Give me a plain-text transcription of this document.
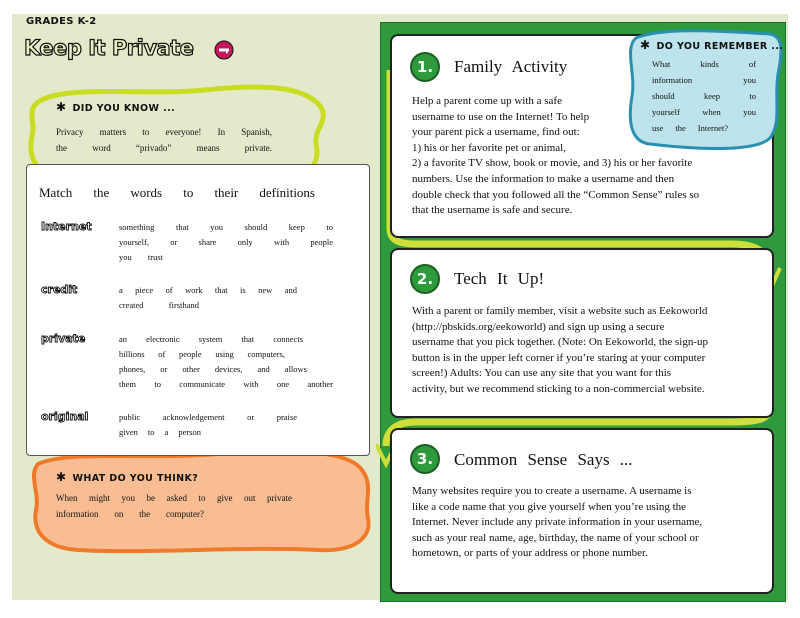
GRADES K-2
Keep It Private
✱ DID YOU KNOW ...
Privacy matters to everyone! In Spanish,
the word “privado” means private.
✱ WHAT DO YOU THINK?
When might you be asked to give out private
information on the computer?
Match the words to their definitions
Internet	something that you should keep to
yourself, or share only with people
you trust
credit	a piece of work that is new and
created firsthand
private	an electronic system that connects
billions of people using computers,
phones, or other devices, and allows
them to communicate with one another
original	public acknowledgement or praise
given to a person
1.	Family Activity
Help a parent come up with a safe
username to use on the Internet! To help
your parent pick a username, find out:
1) his or her favorite pet or animal,
2) a favorite TV show, book or movie, and 3) his or her favorite
numbers. Use the information to make a username and then
double check that you followed all the “Common Sense” rules so
that the username is safe and secure.
✱ DO YOU REMEMBER ...
What kinds of
information you
should keep to
yourself when you
use the Internet?
2.	Tech It Up!
With a parent or family member, visit a website such as Eekoworld
(http://pbskids.org/eekoworld) and sign up using a secure
username that you pick together. (Note: On Eekoworld, the sign-up
button is in the upper left corner if you’re staring at your computer
screen!) Adults: You can use any site that you want for this
activity, but we recommend sticking to a non-commercial website.
3.	Common Sense Says ...
Many websites require you to create a username. A username is
like a code name that you give yourself when you’re using the
Internet. Never include any private information in your username,
such as your real name, age, birthday, the name of your school or
hometown, or parts of your address or phone number.
